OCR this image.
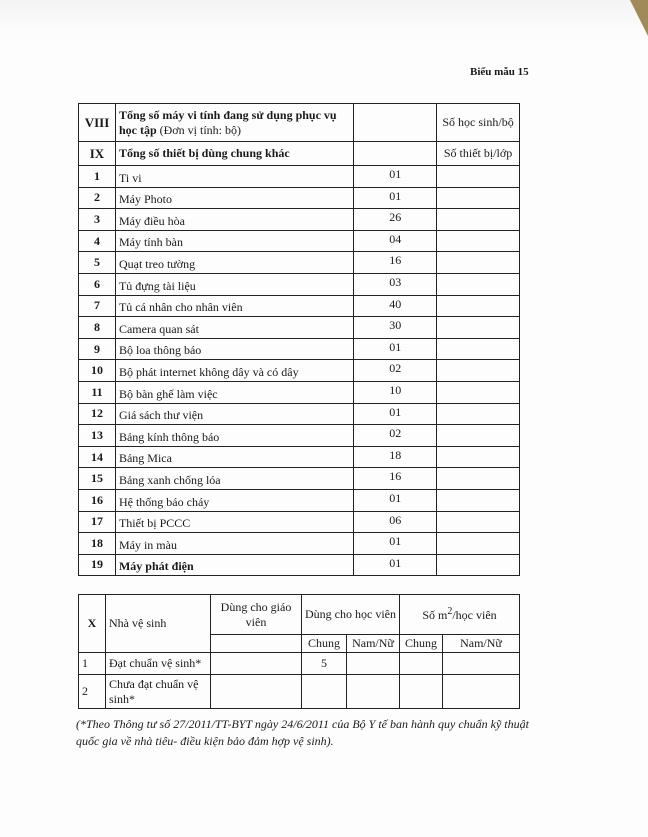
Biểu mẫu 15
VIII	Tổng số máy vi tính đang sử dụng phục vụ học tập (Đơn vị tính: bộ)		Số học sinh/bộ
IX	Tổng số thiết bị dùng chung khác		Số thiết bị/lớp
1	Ti vi	01	
2	Máy Photo	01	
3	Máy điều hòa	26	
4	Máy tính bàn	04	
5	Quạt treo tường	16	
6	Tủ đựng tài liệu	03	
7	Tủ cá nhân cho nhân viên	40	
8	Camera quan sát	30	
9	Bộ loa thông báo	01	
10	Bộ phát internet không dây và có dây	02	
11	Bộ bàn ghế làm việc	10	
12	Giá sách thư viện	01	
13	Bảng kính thông báo	02	
14	Bảng Mica	18	
15	Bảng xanh chống lóa	16	
16	Hệ thống báo cháy	01	
17	Thiết bị PCCC	06	
18	Máy in màu	01	
19	Máy phát điện	01	
X	Nhà vệ sinh	Dùng cho giáo viên	Dùng cho học viên		Số $m^2$/học viên	
			Chung	Nam/Nữ	Chung	Nam/Nữ
1	Đạt chuẩn vệ sinh*		5			
2	Chưa đạt chuẩn vệ sinh*					
(*Theo Thông tư số 27/2011/TT-BYT ngày 24/6/2011 của Bộ Y tế ban hành quy chuẩn kỹ thuật quốc gia về nhà tiêu- điều kiện bảo đảm hợp vệ sinh).
